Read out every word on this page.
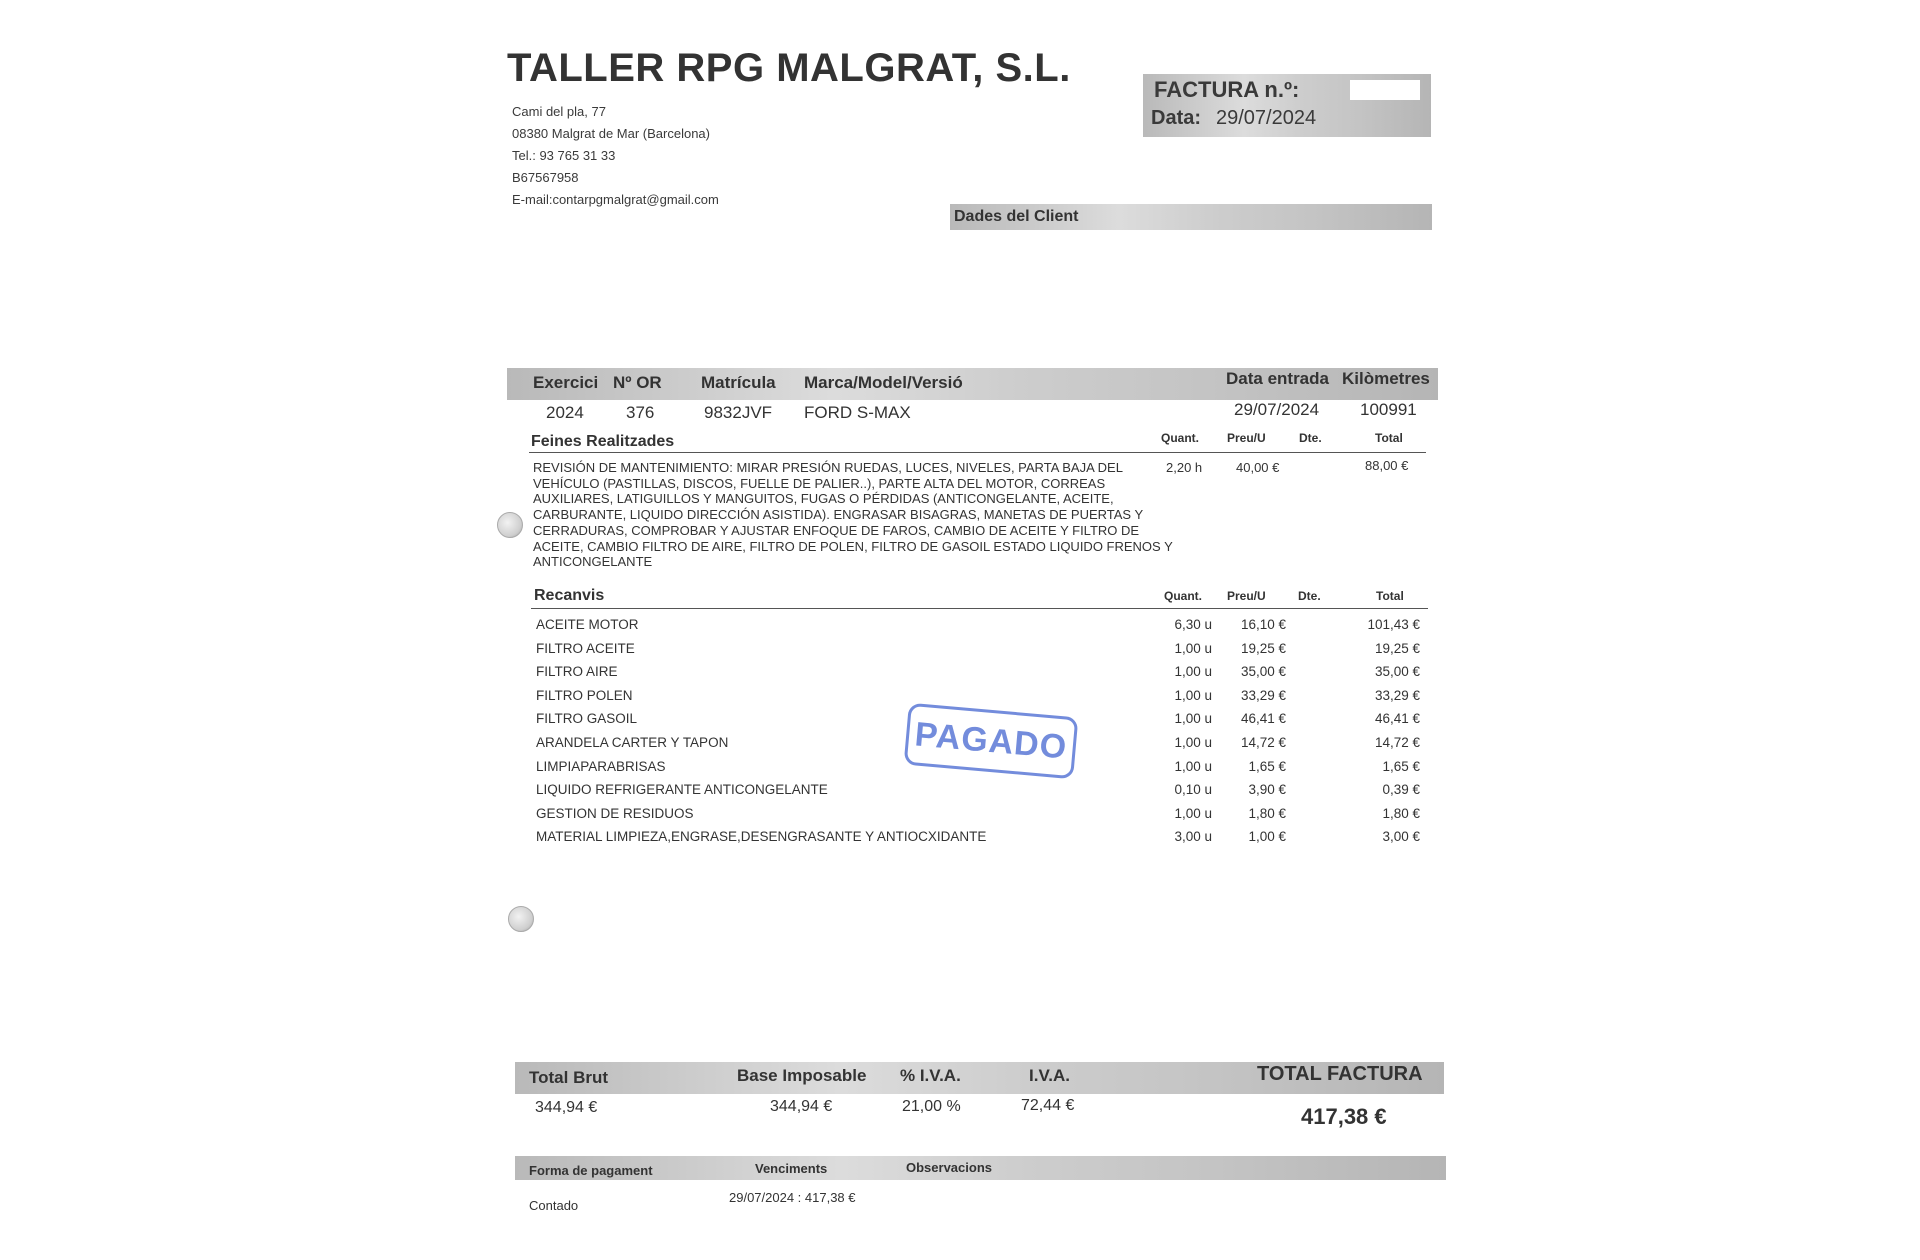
TALLER RPG MALGRAT, S.L.
Cami del pla, 77
08380 Malgrat de Mar (Barcelona)
Tel.: 93 765 31 33
B67567958
E-mail:contarpgmalgrat@gmail.com
FACTURA n.º:
Data: 29/07/2024
Dades del Client
Exercici Nº OR Matrícula Marca/Model/Versió	Data entrada Kilòmetres
2024 376	9832JVF FORD S-MAX	29/07/2024 100991
Feines Realitzades	Quant. Preu/U	Dte.	Total
REVISIÓN DE MANTENIMIENTO: MIRAR PRESIÓN RUEDAS, LUCES, NIVELES, PARTA BAJA DEL VEHÍCULO (PASTILLAS, DISCOS, FUELLE DE PALIER..), PARTE ALTA DEL MOTOR, CORREAS AUXILIARES, LATIGUILLOS Y MANGUITOS, FUGAS O PÉRDIDAS (ANTICONGELANTE, ACEITE, CARBURANTE, LIQUIDO DIRECCIÓN ASISTIDA). ENGRASAR BISAGRAS, MANETAS DE PUERTAS Y CERRADURAS, COMPROBAR Y AJUSTAR ENFOQUE DE FAROS, CAMBIO DE ACEITE Y FILTRO DE ACEITE, CAMBIO FILTRO DE AIRE, FILTRO DE POLEN, FILTRO DE GASOIL ESTADO LIQUIDO FRENOS Y ANTICONGELANTE
2,20 h	40,00 €	88,00 €
Recanvis	Quant. Preu/U	Dte.	Total
ACEITE MOTOR	6,30 u	16,10 €	101,43 €
FILTRO ACEITE	1,00 u	19,25 €	19,25 €
FILTRO AIRE	1,00 u	35,00 €	35,00 €
FILTRO POLEN	1,00 u	33,29 €	33,29 €
FILTRO GASOIL	1,00 u	46,41 €	46,41 €
ARANDELA CARTER Y TAPON	1,00 u	14,72 €	14,72 €
LIMPIAPARABRISAS	1,00 u	1,65 €	1,65 €
LIQUIDO REFRIGERANTE ANTICONGELANTE	0,10 u	3,90 €	0,39 €
GESTION DE RESIDUOS	1,00 u	1,80 €	1,80 €
MATERIAL LIMPIEZA,ENGRASE,DESENGRASANTE Y ANTIOCXIDANTE	3,00 u	1,00 €	3,00 €
PAGADO
Total Brut	Base Imposable % I.V.A.	I.V.A.	TOTAL FACTURA
344,94 €	344,94 €	21,00 %	72,44 €	417,38 €
Forma de pagament	Venciments	Observacions
Contado
29/07/2024 : 417,38 €
